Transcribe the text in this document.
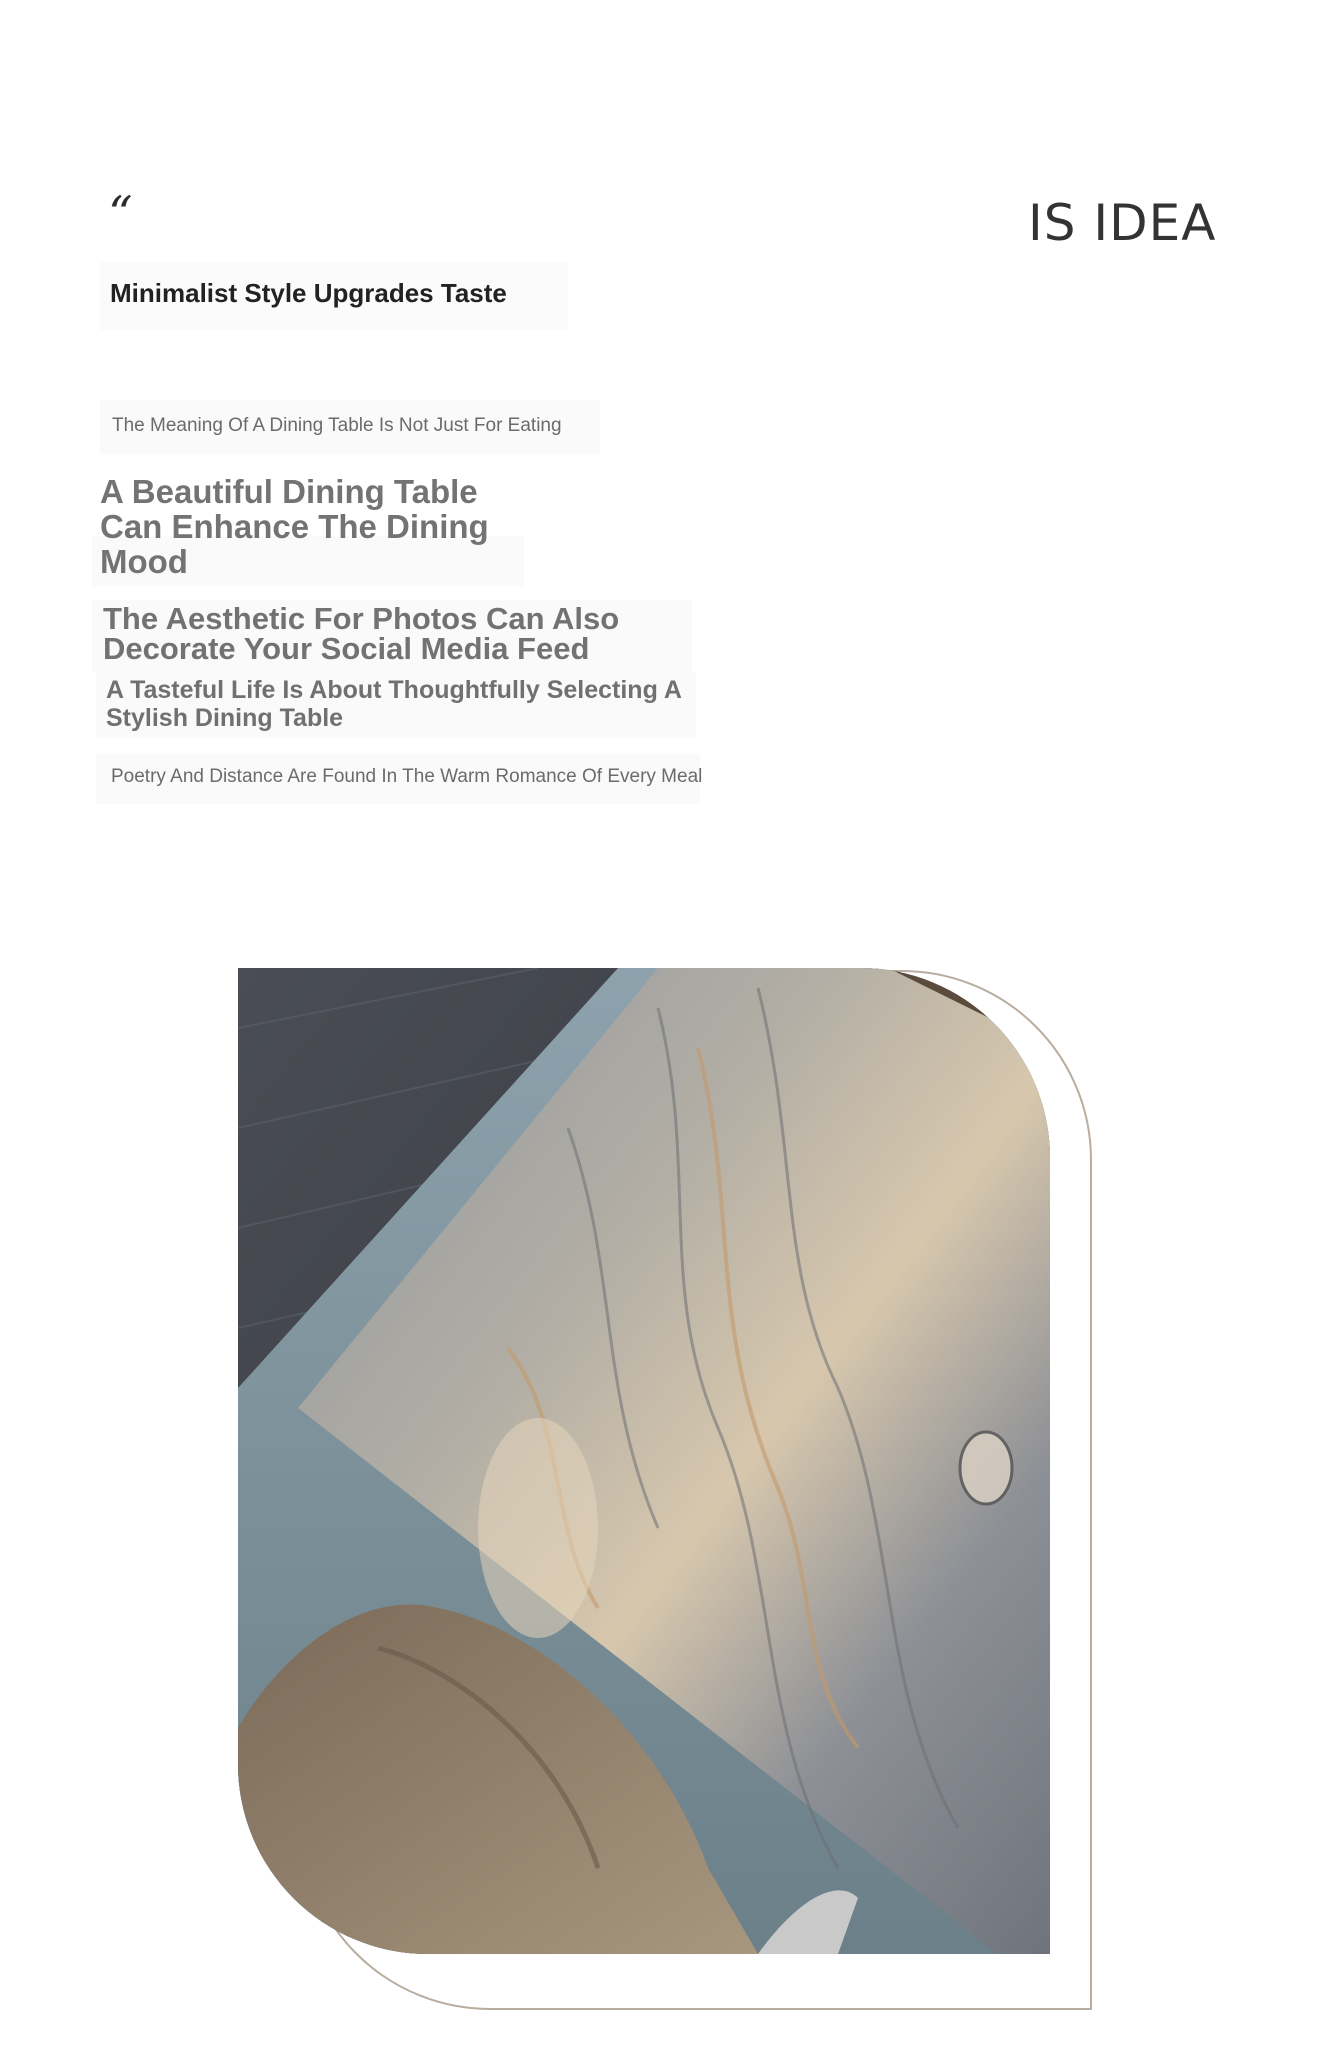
“	IS IDEA
Minimalist Style Upgrades Taste
The Meaning Of A Dining Table Is Not Just For Eating
A Beautiful Dining Table Can Enhance The Dining Mood
The Aesthetic For Photos Can Also Decorate Your Social Media Feed
A Tasteful Life Is About Thoughtfully Selecting A Stylish Dining Table
Poetry And Distance Are Found In The Warm Romance Of Every Meal
